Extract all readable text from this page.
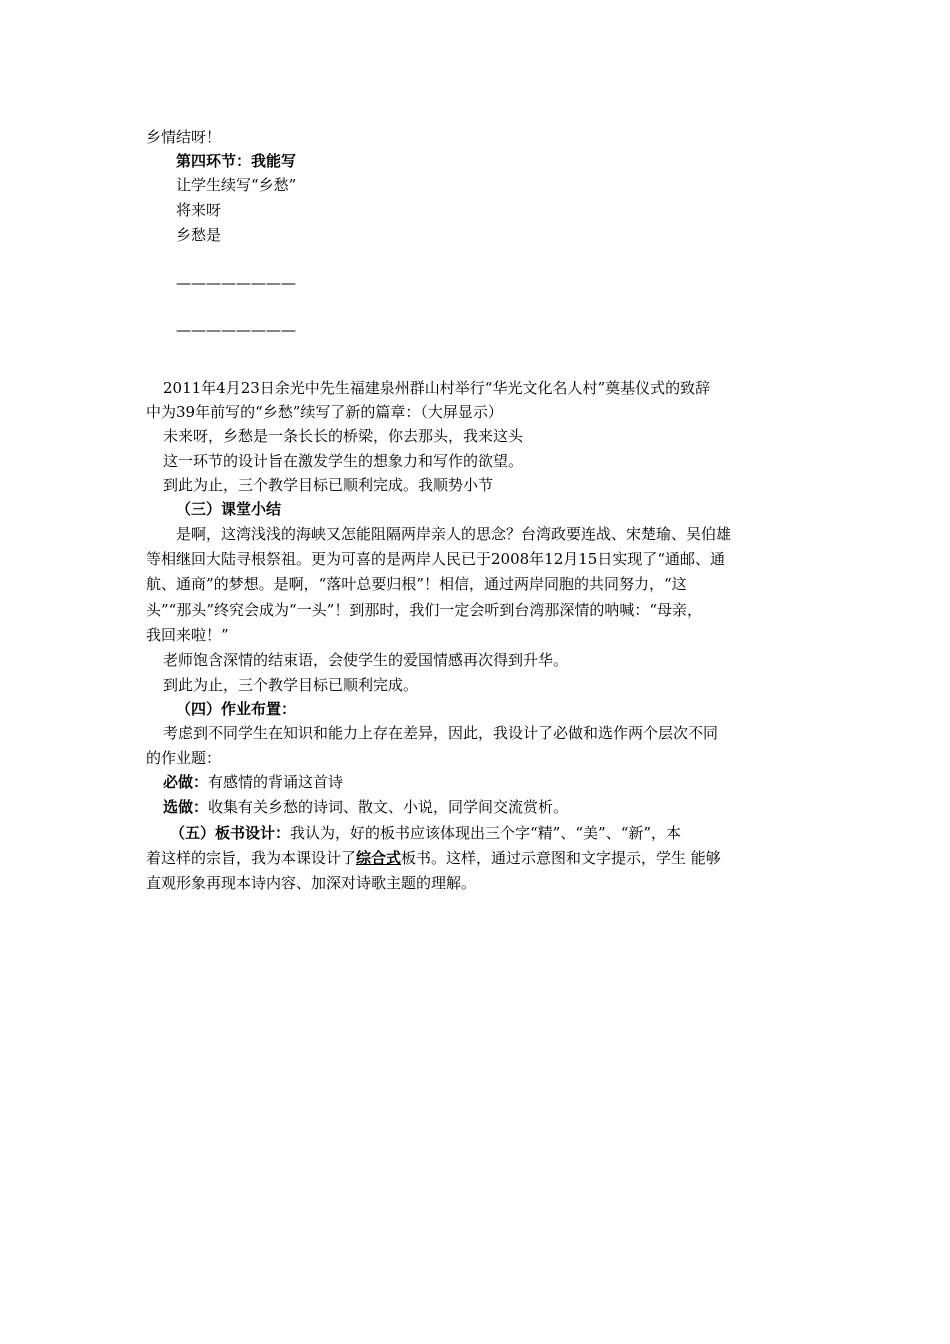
乡情结呀！
第四环节：我能写
让学生续写“乡愁”
将来呀
乡愁是
————————
————————
2011年4月23日余光中先生福建泉州群山村举行“华光文化名人村”奠基仪式的致辞
中为39年前写的“乡愁”续写了新的篇章：（大屏显示）
未来呀，乡愁是一条长长的桥梁，你去那头，我来这头
这一环节的设计旨在激发学生的想象力和写作的欲望。
到此为止，三个教学目标已顺利完成。我顺势小节
（三）课堂小结
是啊，这湾浅浅的海峡又怎能阻隔两岸亲人的思念？台湾政要连战、宋楚瑜、吴伯雄
等相继回大陆寻根祭祖。更为可喜的是两岸人民已于2008年12月15日实现了“通邮、通
航、通商”的梦想。是啊，“落叶总要归根”！相信，通过两岸同胞的共同努力，“这
头”“那头”终究会成为“一头”！到那时，我们一定会听到台湾那深情的呐喊：“母亲，
我回来啦！”
老师饱含深情的结束语，会使学生的爱国情感再次得到升华。
到此为止，三个教学目标已顺利完成。
（四）作业布置：
考虑到不同学生在知识和能力上存在差异，因此，我设计了必做和选作两个层次不同
的作业题：
必做：有感情的背诵这首诗
选做：收集有关乡愁的诗词、散文、小说，同学间交流赏析。
（五）板书设计：我认为，好的板书应该体现出三个字“精”、“美”、“新”，本
着这样的宗旨，我为本课设计了综合式板书。这样，通过示意图和文字提示，学生 能够
直观形象再现本诗内容、加深对诗歌主题的理解。
